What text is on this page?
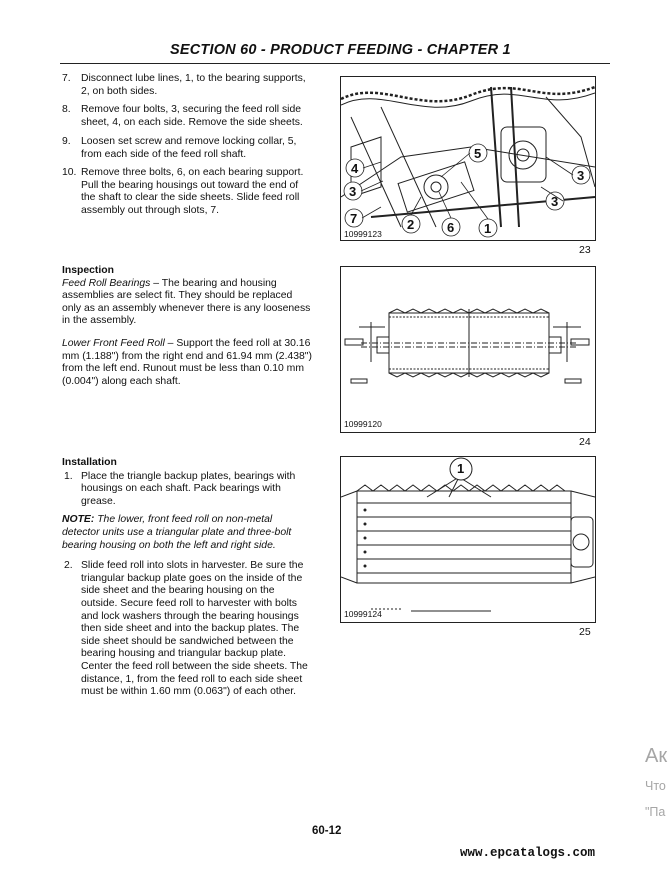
SECTION 60 - PRODUCT FEEDING - CHAPTER 1
7. Disconnect lube lines, 1, to the bearing supports, 2, on both sides.
8. Remove four bolts, 3, securing the feed roll side sheet, 4, on each side. Remove the side sheets.
9. Loosen set screw and remove locking collar, 5, from each side of the feed roll shaft.
10. Remove three bolts, 6, on each bearing support. Pull the bearing housings out toward the end of the shaft to clear the side sheets. Slide feed roll assembly out through slots, 7.
Inspection
Feed Roll Bearings – The bearing and housing assemblies are select fit. They should be replaced only as an assembly whenever there is any looseness in the assembly.
Lower Front Feed Roll – Support the feed roll at 30.16 mm (1.188") from the right end and 61.94 mm (2.438") from the left end. Runout must be less than 0.10 mm (0.004") along each shaft.
Installation
1. Place the triangle backup plates, bearings with housings on each shaft. Pack bearings with grease.
NOTE: The lower, front feed roll on non-metal detector units use a triangular plate and three-bolt bearing housing on both the left and right side.
2. Slide feed roll into slots in harvester. Be sure the triangular backup plate goes on the inside of the side sheet and the bearing housing on the outside. Secure feed roll to harvester with bolts and lock washers through the bearing housings then side sheet and into the backup plates. The side sheet should be sandwiched between the bearing housing and triangular backup plate. Center the feed roll between the side sheets. The distance, 1, from the feed roll to each side sheet must be within 1.60 mm (0.063") of each other.
4
5
3
3
3
7	2	6 1
10999123
23
10999120
24
1
10999124
25
60-12
www.epcatalogs.com
Ак
Что
"Па
